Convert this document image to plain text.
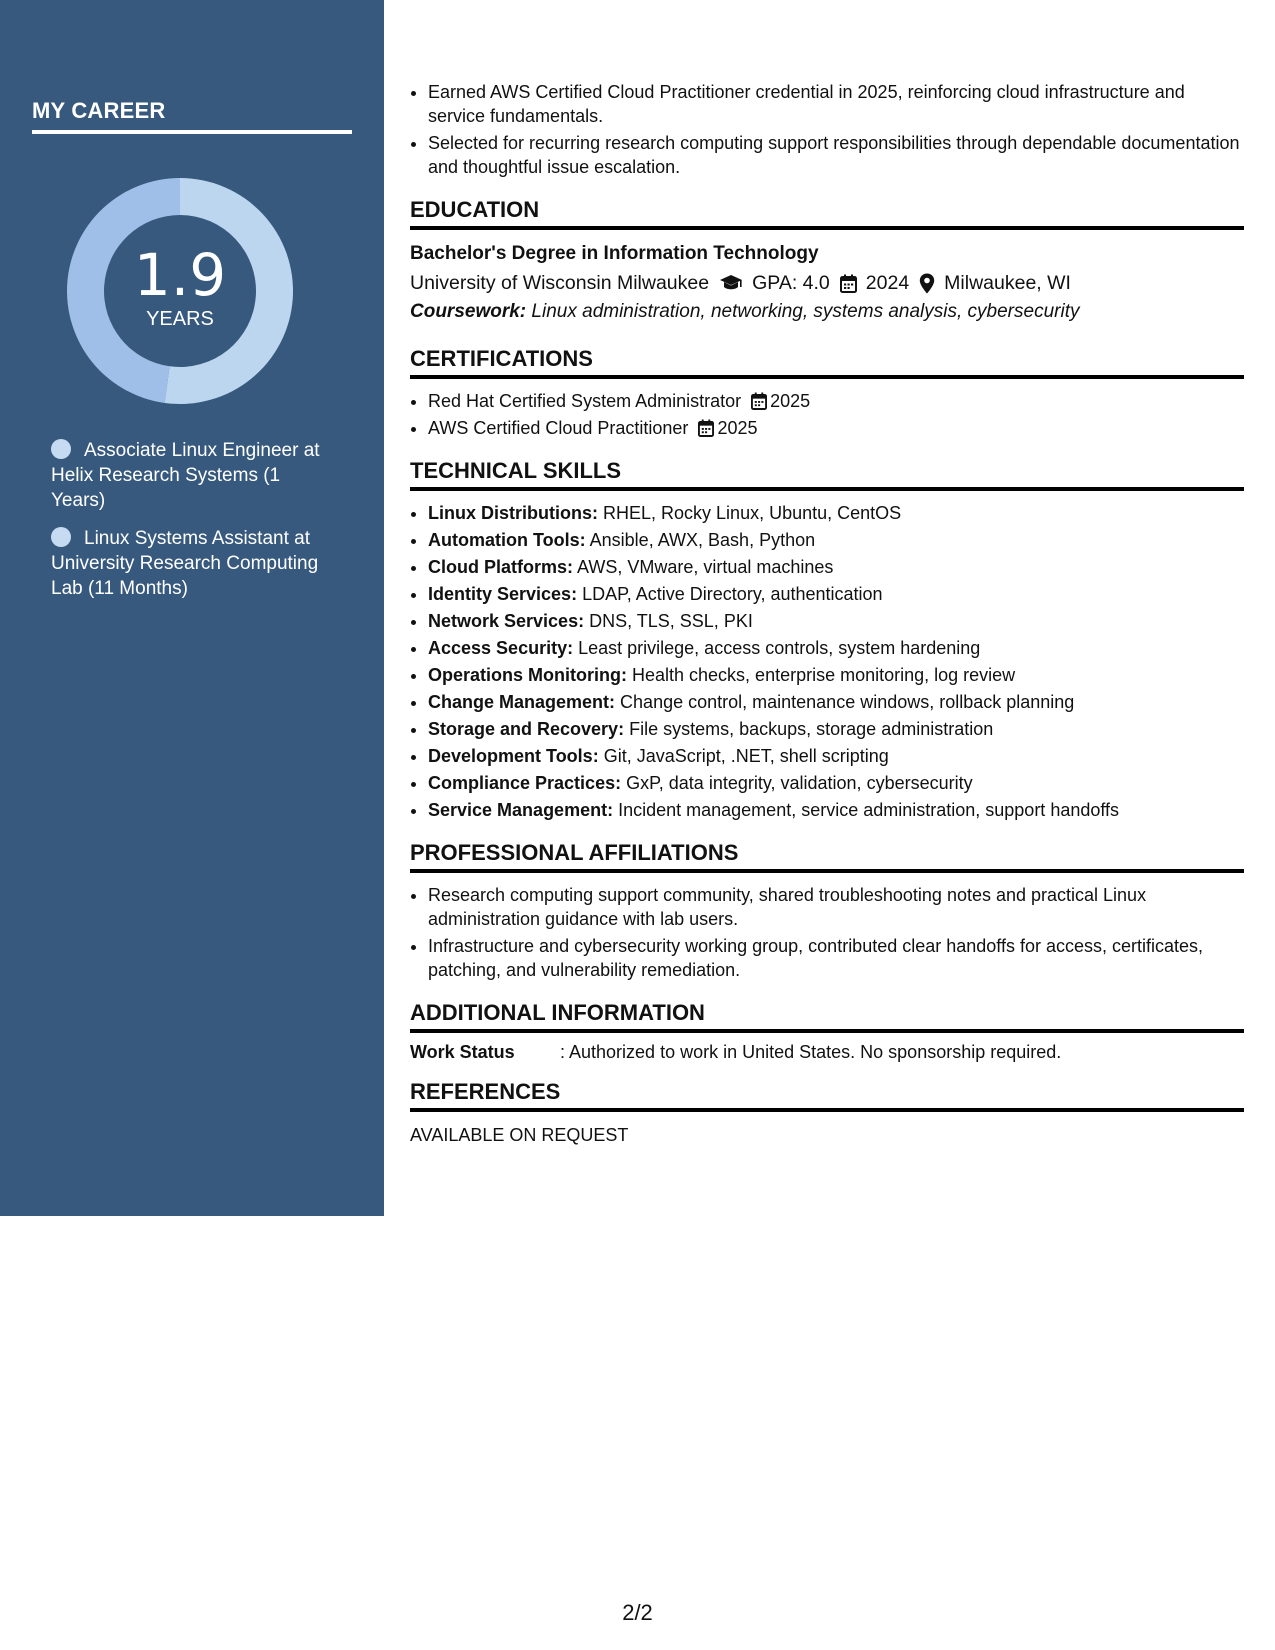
MY CAREER
1.9
YEARS
Associate Linux Engineer at Helix Research Systems (1 Years)
Linux Systems Assistant at University Research Computing Lab (11 Months)
• Earned AWS Certified Cloud Practitioner credential in 2025, reinforcing cloud infrastructure and service fundamentals.
• Selected for recurring research computing support responsibilities through dependable documentation and thoughtful issue escalation.
EDUCATION
Bachelor's Degree in Information Technology
University of Wisconsin Milwaukee GPA: 4.0 2024 Milwaukee, WI
Coursework: Linux administration, networking, systems analysis, cybersecurity
CERTIFICATIONS
• Red Hat Certified System Administrator 2025
• AWS Certified Cloud Practitioner 2025
TECHNICAL SKILLS
• Linux Distributions: RHEL, Rocky Linux, Ubuntu, CentOS
• Automation Tools: Ansible, AWX, Bash, Python
• Cloud Platforms: AWS, VMware, virtual machines
• Identity Services: LDAP, Active Directory, authentication
• Network Services: DNS, TLS, SSL, PKI
• Access Security: Least privilege, access controls, system hardening
• Operations Monitoring: Health checks, enterprise monitoring, log review
• Change Management: Change control, maintenance windows, rollback planning
• Storage and Recovery: File systems, backups, storage administration
• Development Tools: Git, JavaScript, .NET, shell scripting
• Compliance Practices: GxP, data integrity, validation, cybersecurity
• Service Management: Incident management, service administration, support handoffs
PROFESSIONAL AFFILIATIONS
• Research computing support community, shared troubleshooting notes and practical Linux administration guidance with lab users.
• Infrastructure and cybersecurity working group, contributed clear handoffs for access, certificates, patching, and vulnerability remediation.
ADDITIONAL INFORMATION
Work Status	: Authorized to work in United States. No sponsorship required.
REFERENCES
AVAILABLE ON REQUEST
2/2
